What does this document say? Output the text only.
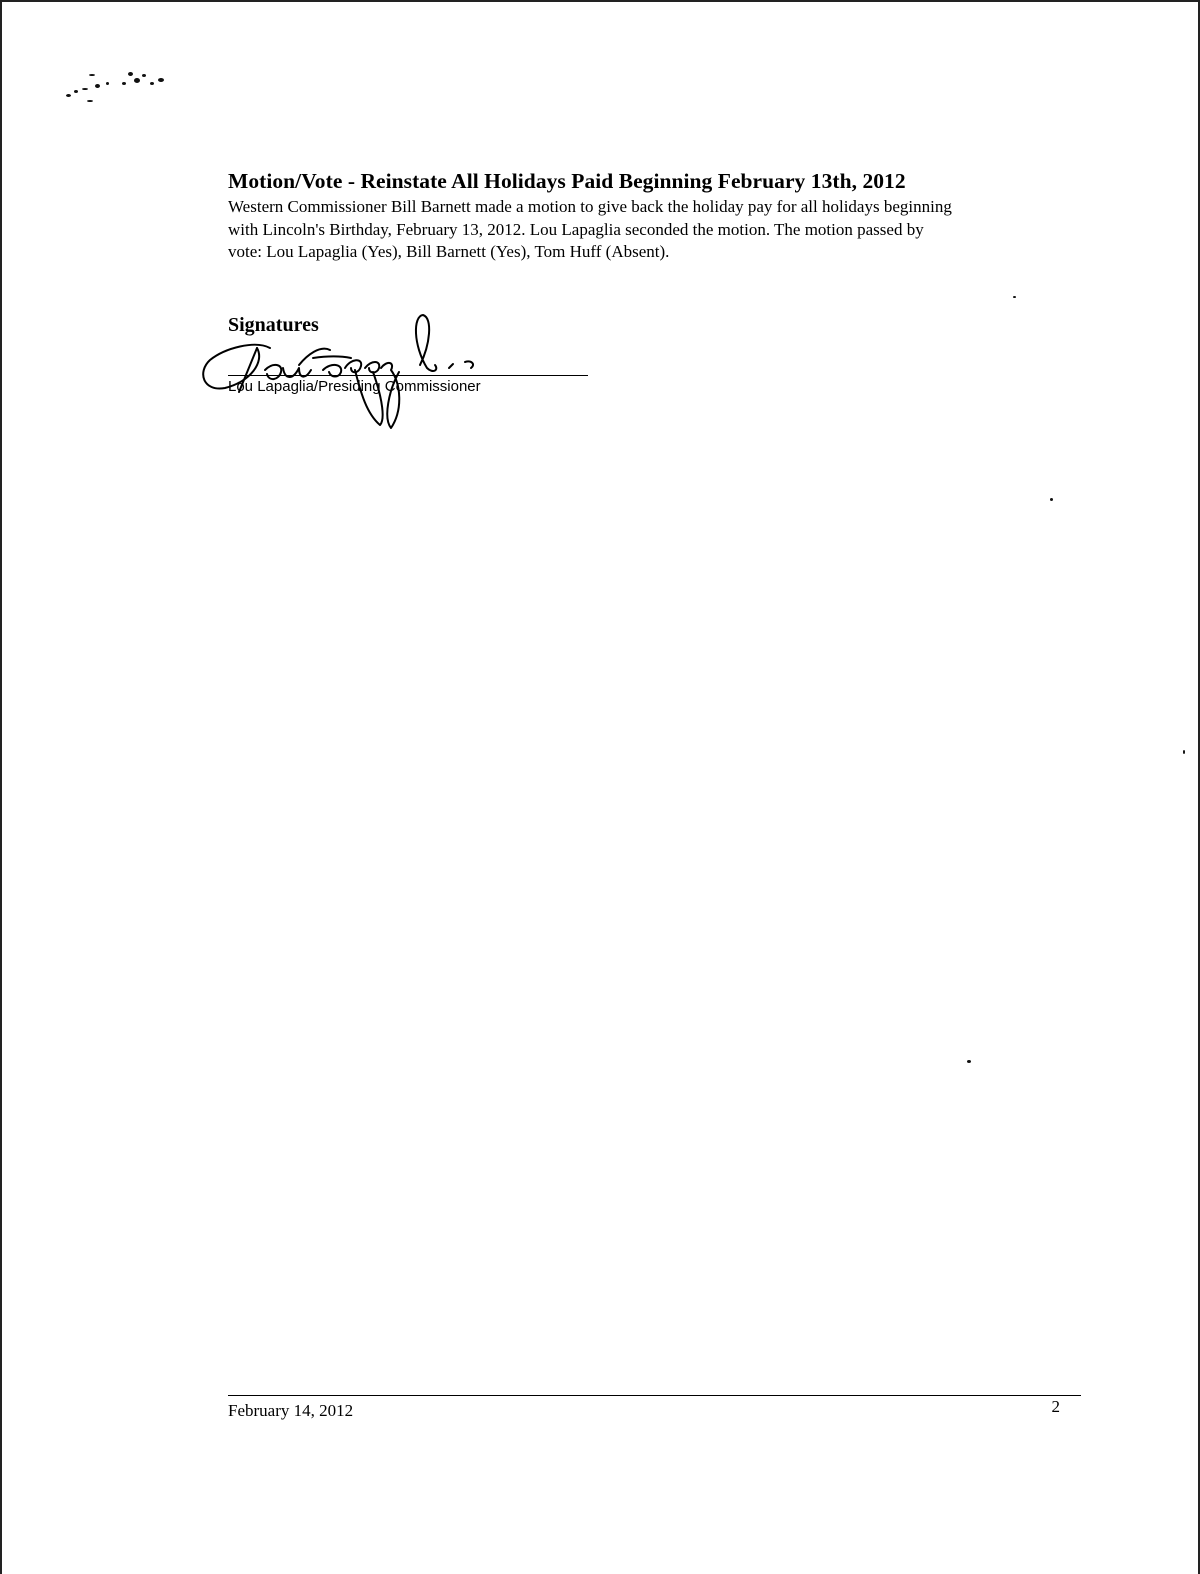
Motion/Vote - Reinstate All Holidays Paid Beginning February 13th, 2012

Western Commissioner Bill Barnett made a motion to give back the holiday pay for all holidays beginning

with Lincoln's Birthday, February 13, 2012. Lou Lapaglia seconded the motion. The motion passed by

vote: Lou Lapaglia (Yes), Bill Barnett (Yes), Tom Huff (Absent).

Signatures
Lou Lapaglia/Presiding Commissioner
February 14, 2012	2
